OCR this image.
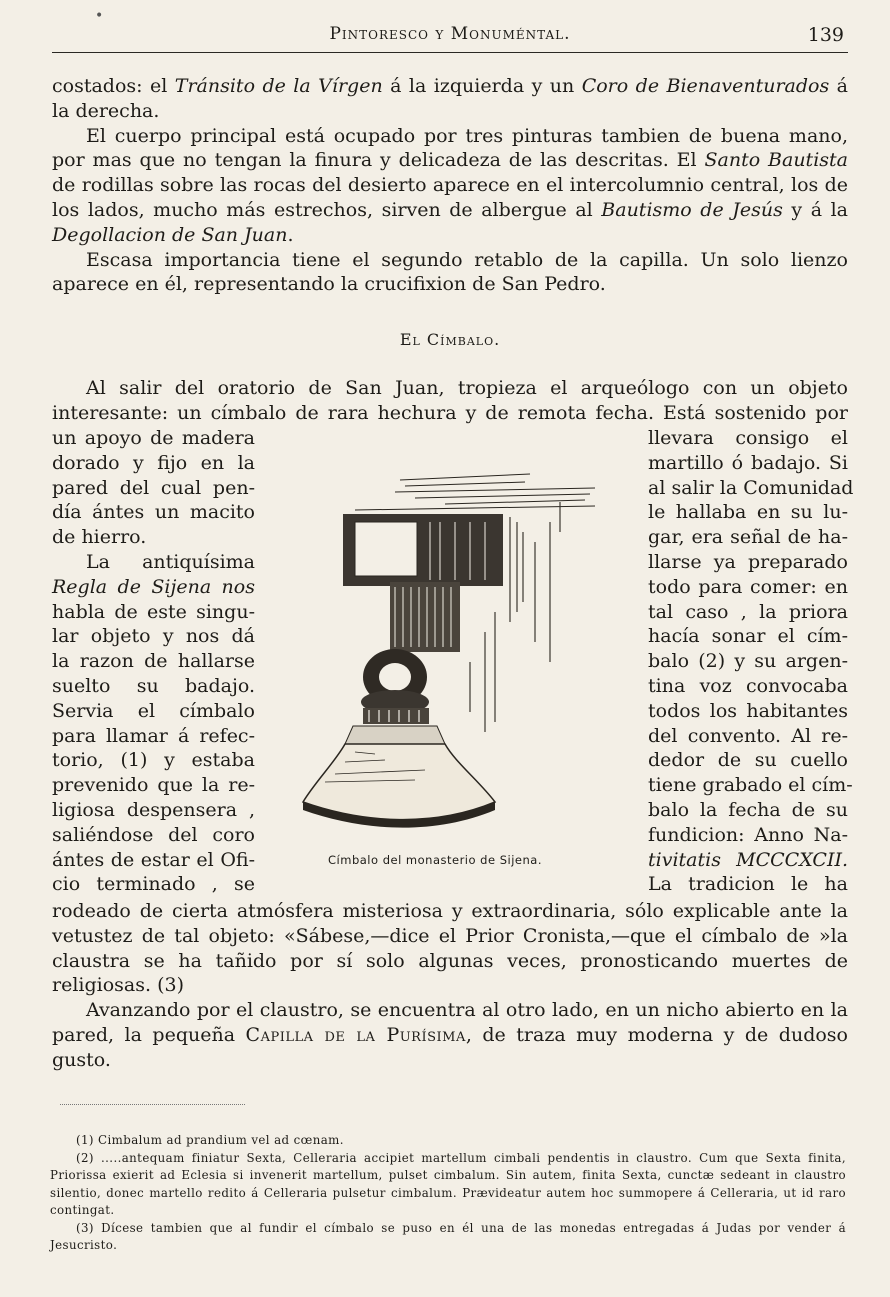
•
Pintoresco y Monuméntal.	139

costados: el Tránsito de la Vírgen á la izquierda y un Coro de Bienaventurados á la derecha.

El cuerpo principal está ocupado por tres pinturas tambien de buena mano, por mas que no tengan la finura y delicadeza de las descritas. El Santo Bautista de rodillas sobre las rocas del desierto aparece en el intercolumnio central, los de los lados, mucho más estrechos, sirven de albergue al Bautismo de Jesús y á la Degollacion de San Juan.

Escasa importancia tiene el segundo retablo de la capilla. Un solo lienzo aparece en él, representando la crucifixion de San Pedro.

El Címbalo.

Al salir del oratorio de San Juan, tropieza el arqueólogo con un objeto

interesante: un címbalo de rara hechura y de remota fecha. Está sostenido por

un apoyo de madera
dorado y fijo en la
pared del cual pen-
día ántes un macito
de hierro.
La antiquísima
Regla de Sijena nos
habla de este singu-
lar objeto y nos dá
la razon de hallarse
suelto su badajo.
Servia el címbalo
para llamar á refec-
torio, (1) y estaba
prevenido que la re-
ligiosa despensera ,
saliéndose del coro
ántes de estar el Ofi-
cio terminado , se
Címbalo del monasterio de Sijena.
llevara consigo el
martillo ó badajo. Si
al salir la Comunidad
le hallaba en su lu-
gar, era señal de ha-
llarse ya preparado
todo para comer: en
tal caso , la priora
hacía sonar el cím-
balo (2) y su argen-
tina voz convocaba
todos los habitantes
del convento. Al re-
dedor de su cuello
tiene grabado el cím-
balo la fecha de su
fundicion: Anno Na-
tivitatis MCCCXCII.
La tradicion le ha

rodeado de cierta atmósfera misteriosa y extraordinaria, sólo explicable ante la vetustez de tal objeto: «Sábese,—dice el Prior Cronista,—que el címbalo de »la claustra se ha tañido por sí solo algunas veces, pronosticando muertes de religiosas. (3)

Avanzando por el claustro, se encuentra al otro lado, en un nicho abierto en la pared, la pequeña Capilla de la Purísima, de traza muy moderna y de dudoso gusto.

(1) Cimbalum ad prandium vel ad cœnam.

(2) .....antequam finiatur Sexta, Celleraria accipiet martellum cimbali pendentis in claustro. Cum que Sexta finita, Priorissa exierit ad Eclesia si invenerit martellum, pulset cimbalum. Sin autem, finita Sexta, cunctæ sedeant in claustro silentio, donec martello redito á Celleraria pulsetur cimbalum. Prævideatur autem hoc summopere á Celleraria, ut id raro contingat.

(3) Dícese tambien que al fundir el címbalo se puso en él una de las monedas entregadas á Judas por vender á Jesucristo.
